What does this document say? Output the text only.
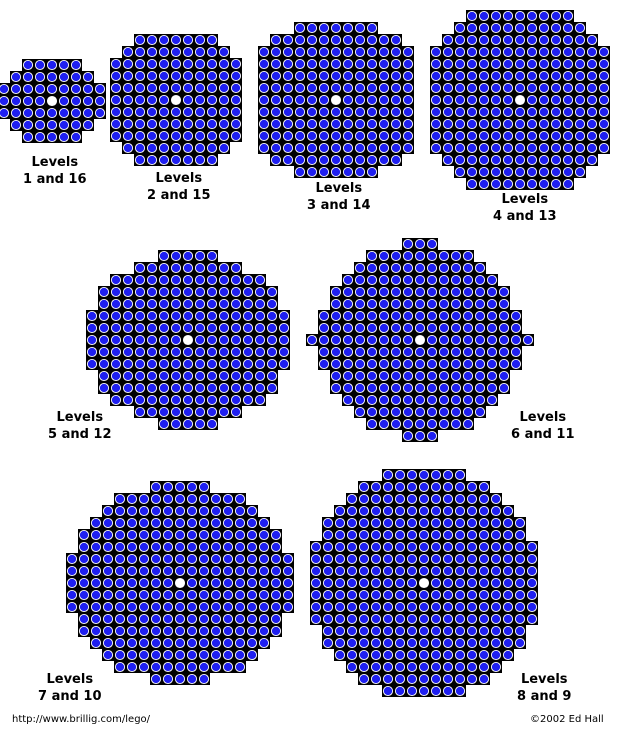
Levels
1 and 16	Levels
2 and 15	Levels
3 and 14	Levels
4 and 13
Levels
5 and 12
Levels
6 and 11
Levels
7 and 10
Levels
8 and 9
http://www.brillig.com/lego/	©2002 Ed Hall
